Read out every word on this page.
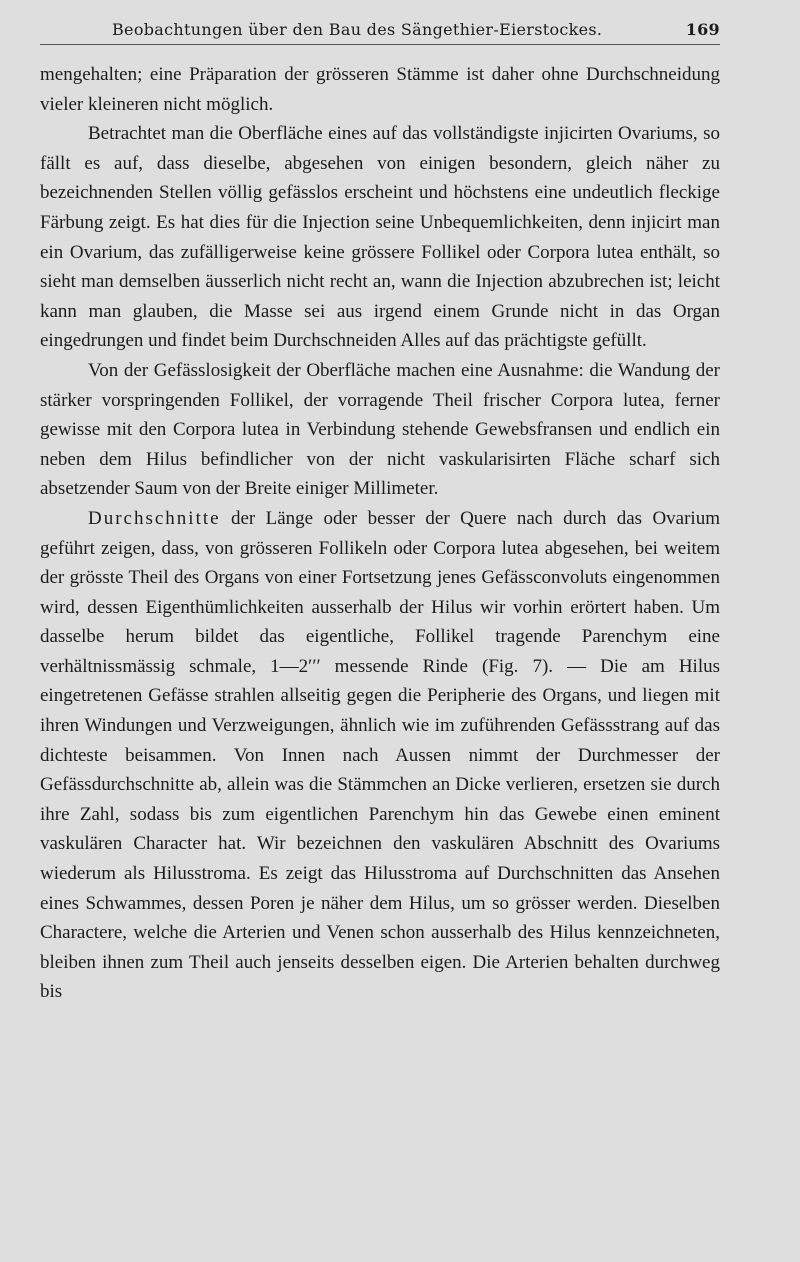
Beobachtungen über den Bau des Sängethier-Eierstockes.	169

mengehalten; eine Präparation der grösseren Stämme ist daher ohne Durchschneidung vieler kleineren nicht möglich.

Betrachtet man die Oberfläche eines auf das vollständigste injicirten Ovariums, so fällt es auf, dass dieselbe, abgesehen von einigen besondern, gleich näher zu bezeichnenden Stellen völlig gefässlos erscheint und höchstens eine undeutlich fleckige Färbung zeigt. Es hat dies für die Injection seine Unbequemlichkeiten, denn injicirt man ein Ovarium, das zufälligerweise keine grössere Follikel oder Corpora lutea enthält, so sieht man demselben äusserlich nicht recht an, wann die Injection abzubrechen ist; leicht kann man glauben, die Masse sei aus irgend einem Grunde nicht in das Organ eingedrungen und findet beim Durchschneiden Alles auf das prächtigste gefüllt.

Von der Gefässlosigkeit der Oberfläche machen eine Ausnahme: die Wandung der stärker vorspringenden Follikel, der vorragende Theil frischer Corpora lutea, ferner gewisse mit den Corpora lutea in Verbindung stehende Gewebsfransen und endlich ein neben dem Hilus befindlicher von der nicht vaskularisirten Fläche scharf sich absetzender Saum von der Breite einiger Millimeter.

Durchschnitte der Länge oder besser der Quere nach durch das Ovarium geführt zeigen, dass, von grösseren Follikeln oder Corpora lutea abgesehen, bei weitem der grösste Theil des Organs von einer Fortsetzung jenes Gefässconvoluts eingenommen wird, dessen Eigenthümlichkeiten ausserhalb der Hilus wir vorhin erörtert haben. Um dasselbe herum bildet das eigentliche, Follikel tragende Parenchym eine verhältnissmässig schmale, 1—2′′′ messende Rinde (Fig. 7). — Die am Hilus eingetretenen Gefässe strahlen allseitig gegen die Peripherie des Organs, und liegen mit ihren Windungen und Verzweigungen, ähnlich wie im zuführenden Gefässstrang auf das dichteste beisammen. Von Innen nach Aussen nimmt der Durchmesser der Gefässdurchschnitte ab, allein was die Stämmchen an Dicke verlieren, ersetzen sie durch ihre Zahl, sodass bis zum eigentlichen Parenchym hin das Gewebe einen eminent vaskulären Character hat. Wir bezeichnen den vaskulären Abschnitt des Ovariums wiederum als Hilusstroma. Es zeigt das Hilusstroma auf Durchschnitten das Ansehen eines Schwammes, dessen Poren je näher dem Hilus, um so grösser werden. Dieselben Charactere, welche die Arterien und Venen schon ausserhalb des Hilus kennzeichneten, bleiben ihnen zum Theil auch jenseits desselben eigen. Die Arterien behalten durchweg bis
